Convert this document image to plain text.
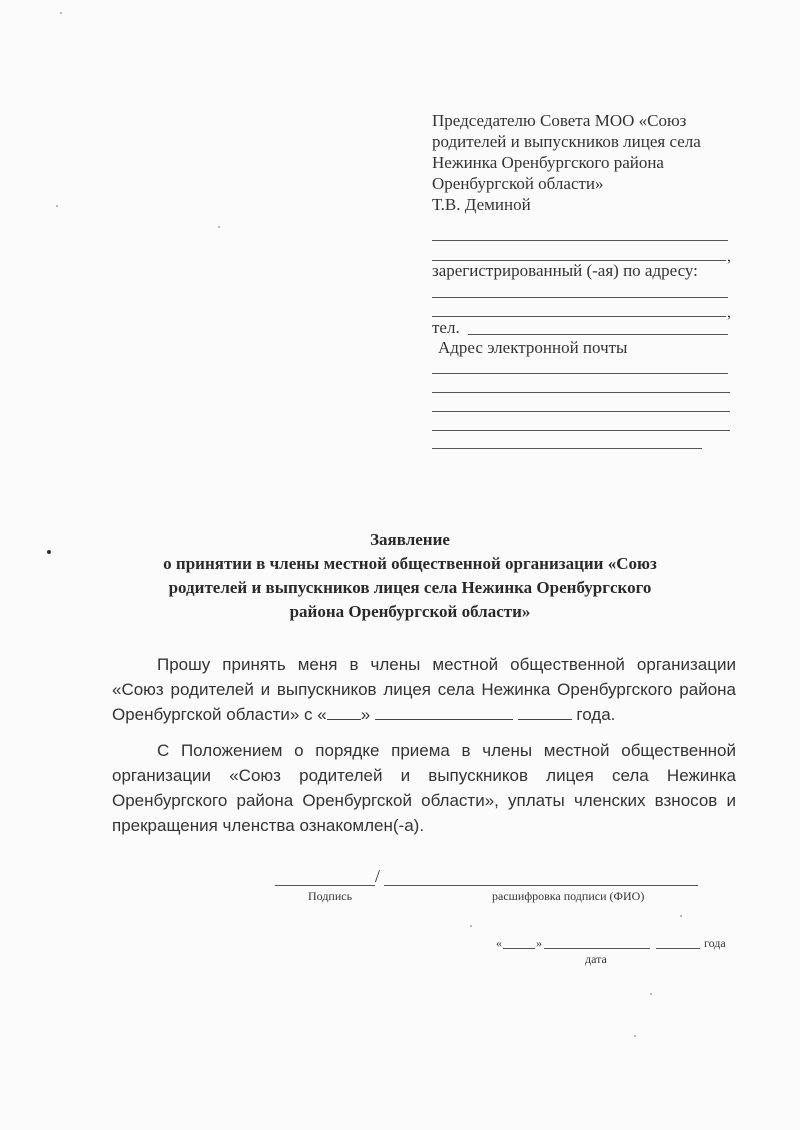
Председателю Совета МОО «Союз
родителей и выпускников лицея села
Нежинка Оренбургского района
Оренбургской области»
Т.В. Деминой
,
зарегистрированный (-ая) по адресу:
,
тел.
Адрес электронной почты
Заявление
о принятии в члены местной общественной организации «Союз
родителей и выпускников лицея села Нежинка Оренбургского
района Оренбургской области»
Прошу принять меня в члены местной общественной организации «Союз родителей и выпускников лицея села Нежинка Оренбургского района Оренбургской области» с « »	года.
С Положением о порядке приема в члены местной общественной организации «Союз родителей и выпускников лицея села Нежинка Оренбургского района Оренбургской области», уплаты членских взносов и прекращения членства ознакомлен(-а).
/
Подпись	расшифровка подписи (ФИО)
«	»	года
дата
